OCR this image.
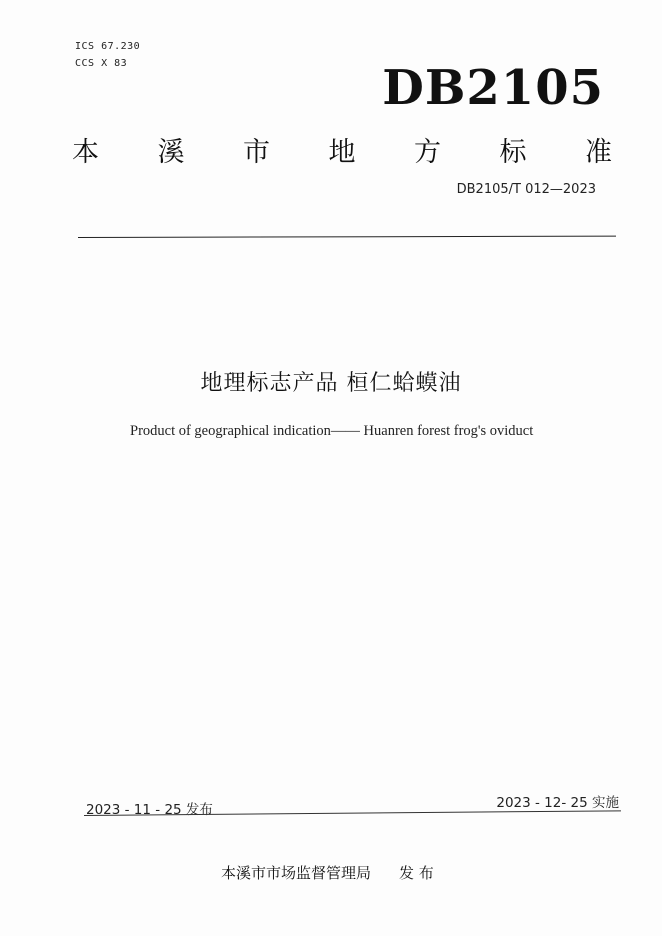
ICS 67.230
CCS X 83	DB2105
本 溪 市 地 方 标 准
DB2105/T 012—2023
地理标志产品 桓仁蛤蟆油
Product of geographical indication—— Huanren forest frog's oviduct
2023 - 11 - 25 发布	2023 - 12- 25 实施
本溪市市场监督管理局 发 布
